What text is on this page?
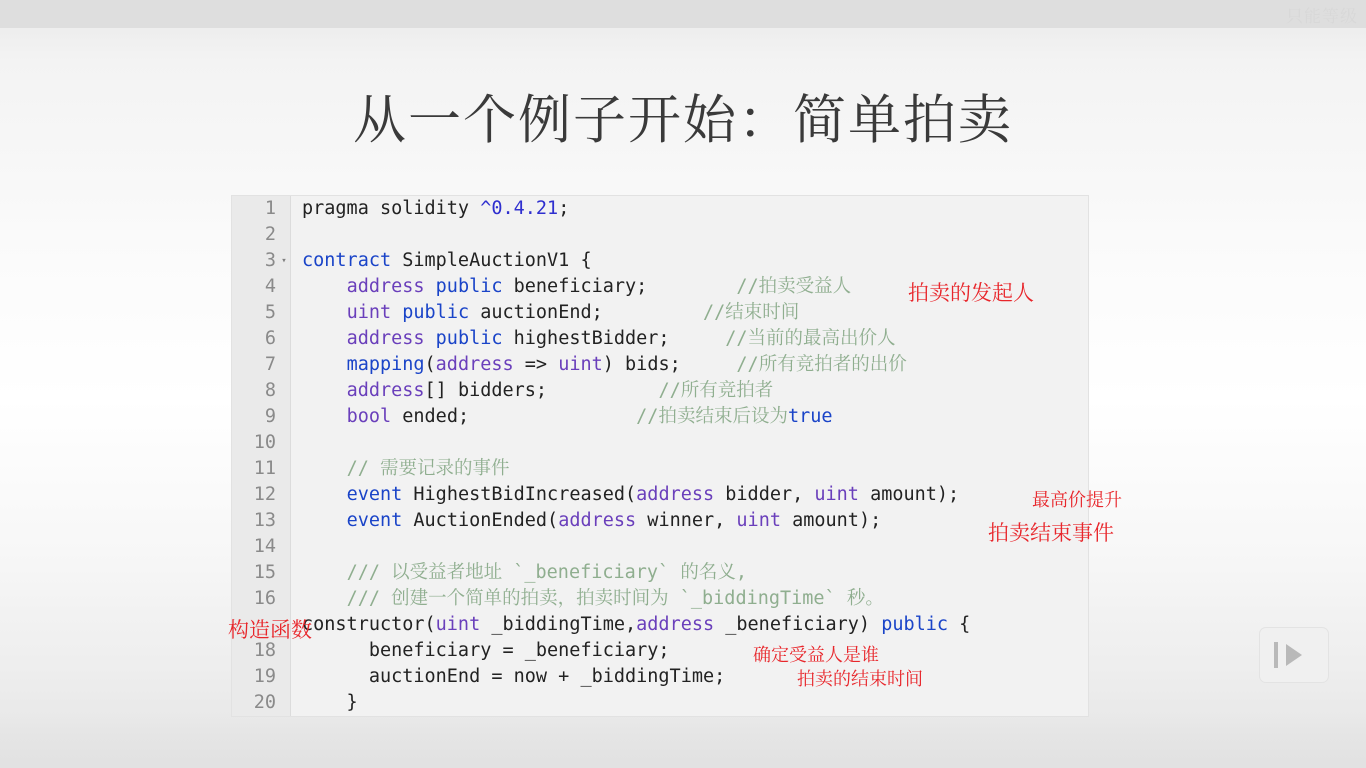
只能等级
从一个例子开始：简单拍卖
1	pragma solidity ^0.4.21;
2
3 ▾ contract SimpleAuctionV1 {
4	address public beneficiary;        //拍卖受益人
5	uint public auctionEnd;         //结束时间
6	address public highestBidder;     //当前的最高出价人
7	mapping(address => uint) bids;     //所有竞拍者的出价
8	address[] bidders;          //所有竞拍者
9	bool ended;               //拍卖结束后设为true
10
11	// 需要记录的事件
12	event HighestBidIncreased(address bidder, uint amount);
13	event AuctionEnded(address winner, uint amount);
14
15	/// 以受益者地址 `_beneficiary` 的名义,
16	/// 创建一个简单的拍卖，拍卖时间为 `_biddingTime` 秒。
constructor(uint _biddingTime,address _beneficiary) public {
18	beneficiary = _beneficiary;
19	auctionEnd = now + _biddingTime;
20	}
拍卖的发起人
最高价提升
拍卖结束事件
构造函数
确定受益人是谁
拍卖的结束时间
